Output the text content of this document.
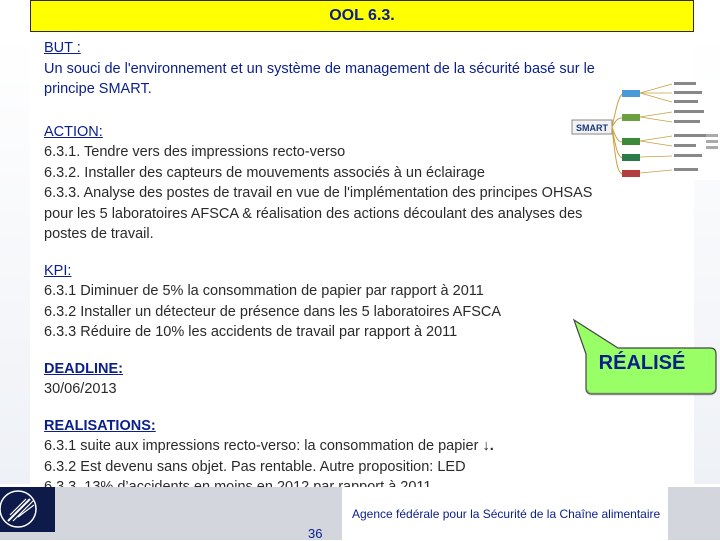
OOL 6.3.

BUT :

Un souci de l'environnement et un système de management de la sécurité basé sur le

principe SMART.

ACTION:

6.3.1. Tendre vers des impressions recto-verso

6.3.2. Installer des capteurs de mouvements associés à un éclairage

6.3.3. Analyse des postes de travail en vue de l'implémentation des principes OHSAS

pour les 5 laboratoires AFSCA & réalisation des actions découlant des analyses des

postes de travail.

KPI:

6.3.1 Diminuer de 5% la consommation de papier par rapport à 2011

6.3.2 Installer un détecteur de présence dans les 5 laboratoires AFSCA

6.3.3 Réduire de 10% les accidents de travail par rapport à 2011

DEADLINE:

30/06/2013

REALISATIONS:

6.3.1 suite aux impressions recto-verso: la consommation de papier ↓.

6.3.2 Est devenu sans objet. Pas rentable. Autre proposition: LED

SMART
RÉALISÉ
Agence fédérale pour la Sécurité de la Chaîne alimentaire
36
